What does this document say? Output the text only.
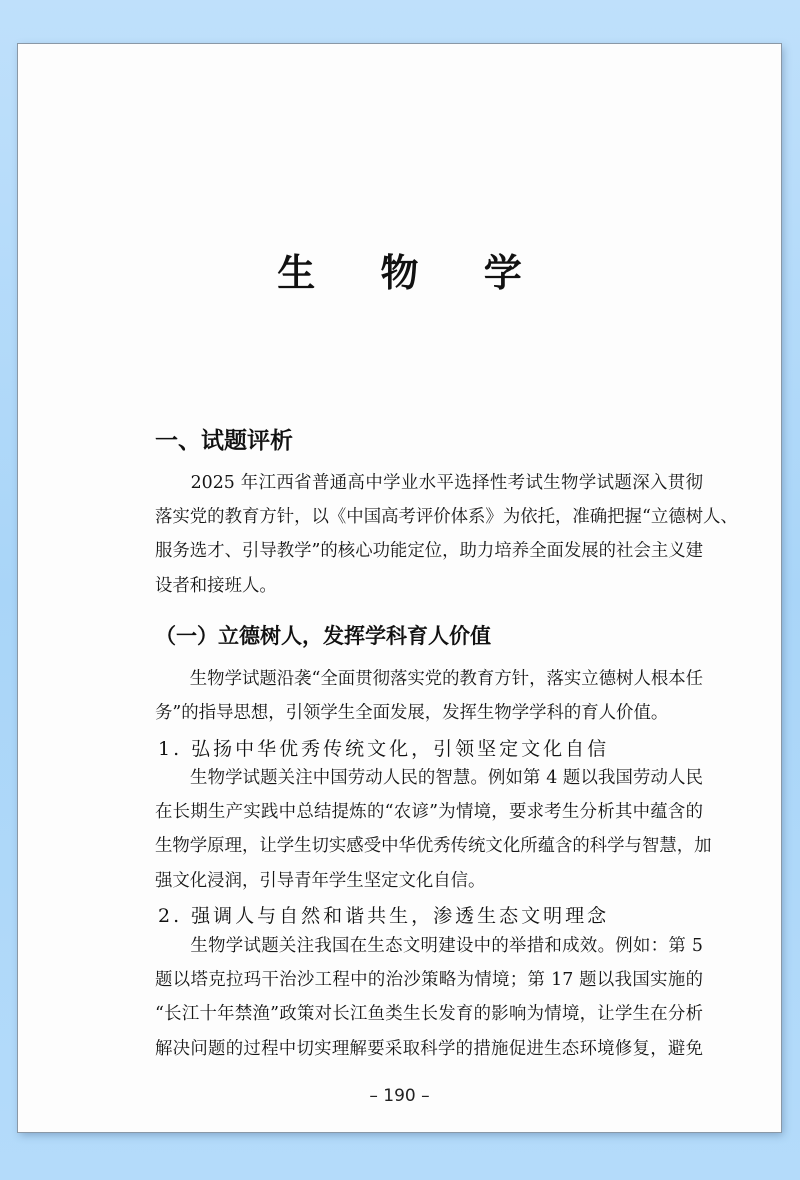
生 物 学
一、试题评析
　　2025 年江西省普通高中学业水平选择性考试生物学试题深入贯彻
落实党的教育方针，以《中国高考评价体系》为依托，准确把握“立德树人、
服务选才、引导教学”的核心功能定位，助力培养全面发展的社会主义建
设者和接班人。
（一）立德树人，发挥学科育人价值
　　生物学试题沿袭“全面贯彻落实党的教育方针，落实立德树人根本任
务”的指导思想，引领学生全面发展，发挥生物学学科的育人价值。
1. 弘扬中华优秀传统文化，引领坚定文化自信
　　生物学试题关注中国劳动人民的智慧。例如第 4 题以我国劳动人民
在长期生产实践中总结提炼的“农谚”为情境，要求考生分析其中蕴含的
生物学原理，让学生切实感受中华优秀传统文化所蕴含的科学与智慧，加
强文化浸润，引导青年学生坚定文化自信。
2. 强调人与自然和谐共生，渗透生态文明理念
　　生物学试题关注我国在生态文明建设中的举措和成效。例如：第 5
题以塔克拉玛干治沙工程中的治沙策略为情境；第 17 题以我国实施的
“长江十年禁渔”政策对长江鱼类生长发育的影响为情境，让学生在分析
解决问题的过程中切实理解要采取科学的措施促进生态环境修复，避免
– 190 –
